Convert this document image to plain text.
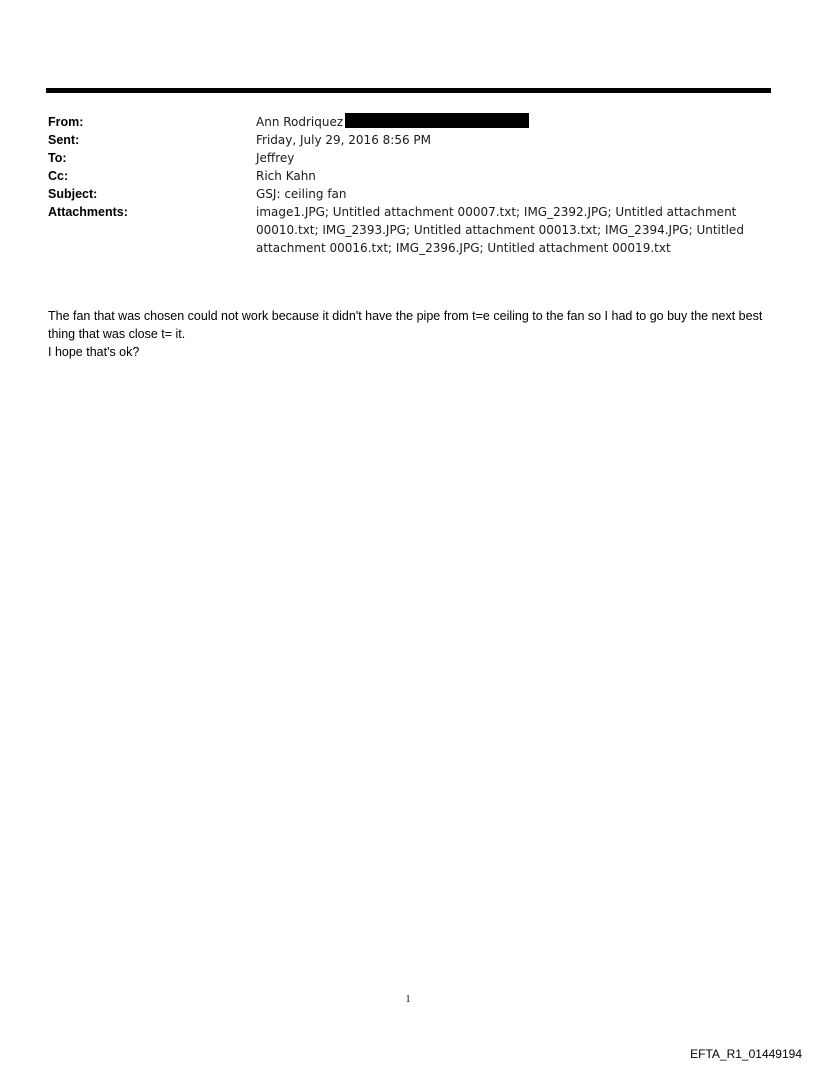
From:	Ann Rodriquez
Sent:	Friday, July 29, 2016 8:56 PM
To:	Jeffrey
Cc:	Rich Kahn
Subject:	GSJ: ceiling fan
Attachments:	image1.JPG; Untitled attachment 00007.txt; IMG_2392.JPG; Untitled attachment 00010.txt; IMG_2393.JPG; Untitled attachment 00013.txt; IMG_2394.JPG; Untitled attachment 00016.txt; IMG_2396.JPG; Untitled attachment 00019.txt

The fan that was chosen could not work because it didn't have the pipe from t=e ceiling to the fan so I had to go buy the next best thing that was close t= it.

I hope that's ok?

1
EFTA_R1_01449194
